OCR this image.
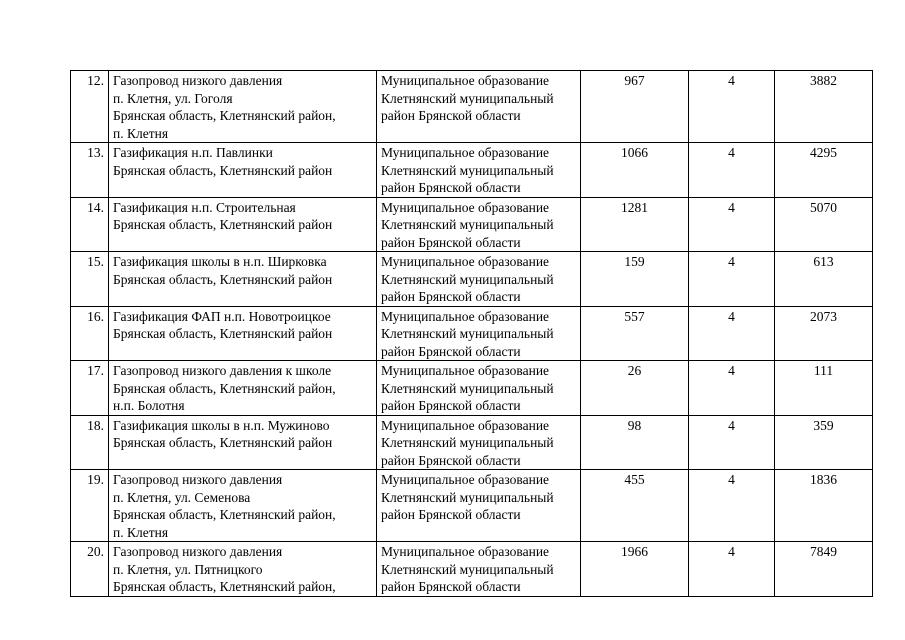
12.	Газопровод низкого давления
п. Клетня, ул. Гоголя
Брянская область, Клетнянский район,
п. Клетня	Муниципальное образование
Клетнянский муниципальный
район Брянской области	967	4	3882
13.	Газификация н.п. Павлинки
Брянская область, Клетнянский район	Муниципальное образование
Клетнянский муниципальный
район Брянской области	1066	4	4295
14.	Газификация н.п. Строительная
Брянская область, Клетнянский район	Муниципальное образование
Клетнянский муниципальный
район Брянской области	1281	4	5070
15.	Газификация школы в н.п. Ширковка
Брянская область, Клетнянский район	Муниципальное образование
Клетнянский муниципальный
район Брянской области	159	4	613
16.	Газификация ФАП н.п. Новотроицкое
Брянская область, Клетнянский район	Муниципальное образование
Клетнянский муниципальный
район Брянской области	557	4	2073
17.	Газопровод низкого давления к школе
Брянская область, Клетнянский район,
н.п. Болотня	Муниципальное образование
Клетнянский муниципальный
район Брянской области	26	4	111
18.	Газификация школы в н.п. Мужиново
Брянская область, Клетнянский район	Муниципальное образование
Клетнянский муниципальный
район Брянской области	98	4	359
19.	Газопровод низкого давления
п. Клетня, ул. Семенова
Брянская область, Клетнянский район,
п. Клетня	Муниципальное образование
Клетнянский муниципальный
район Брянской области	455	4	1836
20.	Газопровод низкого давления
п. Клетня, ул. Пятницкого
Брянская область, Клетнянский район,	Муниципальное образование
Клетнянский муниципальный
район Брянской области	1966	4	7849
